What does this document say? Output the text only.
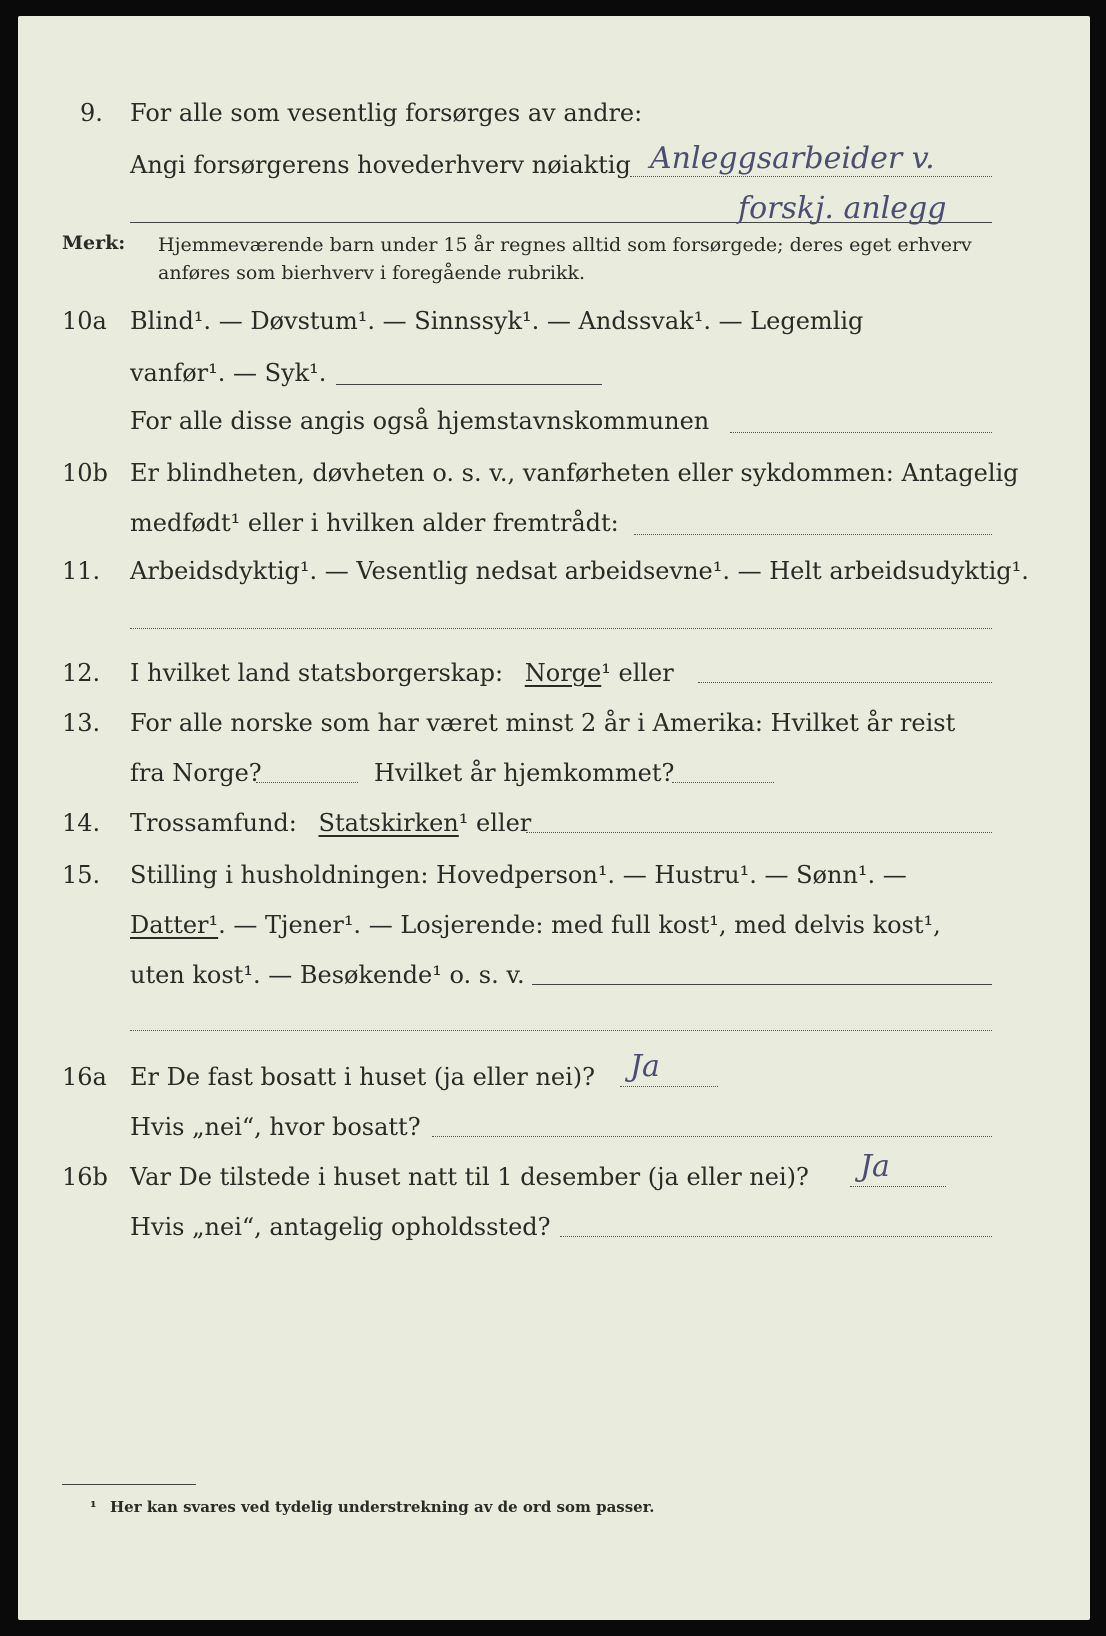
9. For alle som vesentlig forsørges av andre:
Angi forsørgerens hovederhverv nøiaktig Anleggsarbeider v.
forskj. anlegg
Merk: Hjemmeværende barn under 15 år regnes alltid som forsørgede; deres eget erhverv
anføres som bierhverv i foregående rubrikk.
10a Blind¹. — Døvstum¹. — Sinnssyk¹. — Andssvak¹. — Legemlig
vanfør¹. — Syk¹.
For alle disse angis også hjemstavnskommunen
10b Er blindheten, døvheten o. s. v., vanførheten eller sykdommen: Antagelig
medfødt¹ eller i hvilken alder fremtrådt:
11. Arbeidsdyktig¹. — Vesentlig nedsat arbeidsevne¹. — Helt arbeidsudyktig¹.
12. I hvilket land statsborgerskap: Norge¹ eller
13. For alle norske som har været minst 2 år i Amerika: Hvilket år reist
fra Norge?	Hvilket år hjemkommet?
14. Trossamfund: Statskirken¹ eller
15. Stilling i husholdningen: Hovedperson¹. — Hustru¹. — Sønn¹. —
Datter¹. — Tjener¹. — Losjerende: med full kost¹, med delvis kost¹,
uten kost¹. — Besøkende¹ o. s. v.
16a Er De fast bosatt i huset (ja eller nei)? Ja
Hvis „nei“, hvor bosatt?
16b Var De tilstede i huset natt til 1 desember (ja eller nei)? Ja
Hvis „nei“, antagelig opholdssted?
¹ Her kan svares ved tydelig understrekning av de ord som passer.
